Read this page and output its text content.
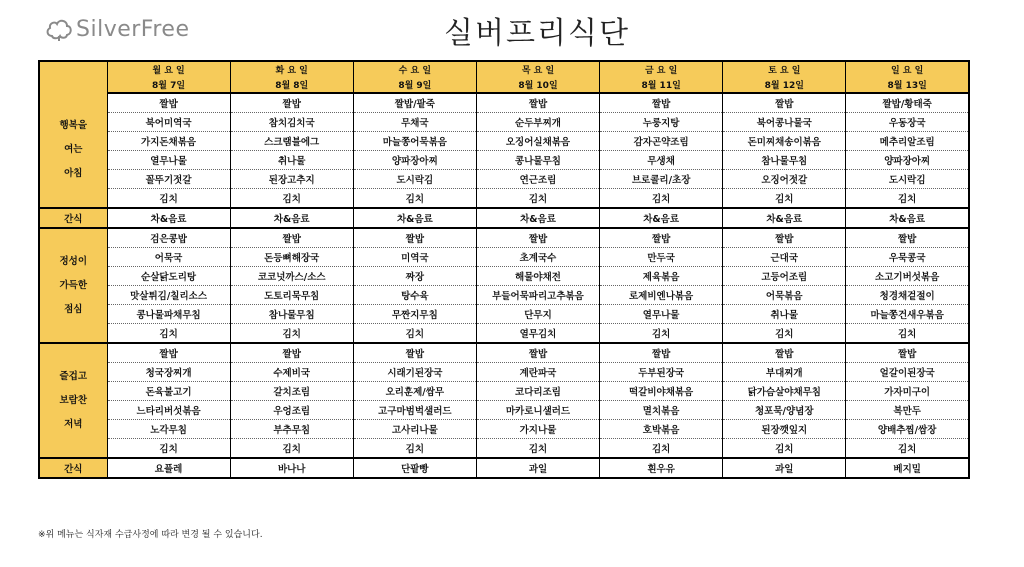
SilverFree	실버프리식단
	월 요 일	화 요 일	수 요 일	목 요 일	금 요 일	토 요 일	일 요 일
	8월 7일	8월 8일	8월 9일	8월 10일	8월 11일	8월 12일	8월 13일

행복을
여는
아침	짤밥	짤밥	짤밥/팥죽	짤밥	짤밥	짤밥	짤밥/황태죽
	북어미역국	참치김치국	무채국	순두부찌개	누룽지탕	북어콩나물국	우동장국
	가지돈채볶음	스크램블에그	마늘쫑어묵볶음	오징어실채볶음	감자곤약조림	돈미찌채송이볶음	메추리알조림
	열무나물	취나물	양파장아찌	콩나물무침	무생채	참나물무침	양파장아찌
	꼴뚜기젓갈	된장고추지	도시락김	연근조림	브로콜리/초장	오징어젓갈	도시락김
	김치	김치	김치	김치	김치	김치	김치
간식	차&음료	차&음료	차&음료	차&음료	차&음료	차&음료	차&음료

정성이
가득한
점심	검은콩밥	짤밥	짤밥	짤밥	짤밥	짤밥	짤밥
	어묵국	돈등뼈해장국	미역국	초계국수	만두국	근대국	우묵콩국
	순살닭도리탕	코코넛까스/소스	짜장	해물야채전	제육볶음	고등어조림	소고기버섯볶음
	맛살튀김/칠리소스	도토리묵무침	탕수육	부들어묵파리고추볶음	로제비엔나볶음	어묵볶음	청경채겉절이
	콩나물파채무침	참나물무침	무짠지무침	단무지	열무나물	취나물	마늘쫑건새우볶음
	김치	김치	김치	열무김치	김치	김치	김치

즐겁고
보람찬
저녁	짤밥	짤밥	짤밥	짤밥	짤밥	짤밥	짤밥
	청국장찌개	수제비국	시래기된장국	계란파국	두부된장국	부대찌개	얼갈이된장국
	돈육불고기	갈치조림	오리훈제/쌈무	코다리조림	떡갈비야채볶음	닭가슴살야채무침	가자미구이
	느타리버섯볶음	우엉조림	고구마범벅샐러드	마카로니샐러드	멸치볶음	청포묵/양념장	복만두
	노각무침	부추무침	고사리나물	가지나물	호박볶음	된장깻잎지	양배추찜/쌈장
	김치	김치	김치	김치	김치	김치	김치
간식	요플레	바나나	단팥빵	과일	흰우유	과일	베지밀
※위 메뉴는 식자재 수급사정에 따라 변경 될 수 있습니다.
